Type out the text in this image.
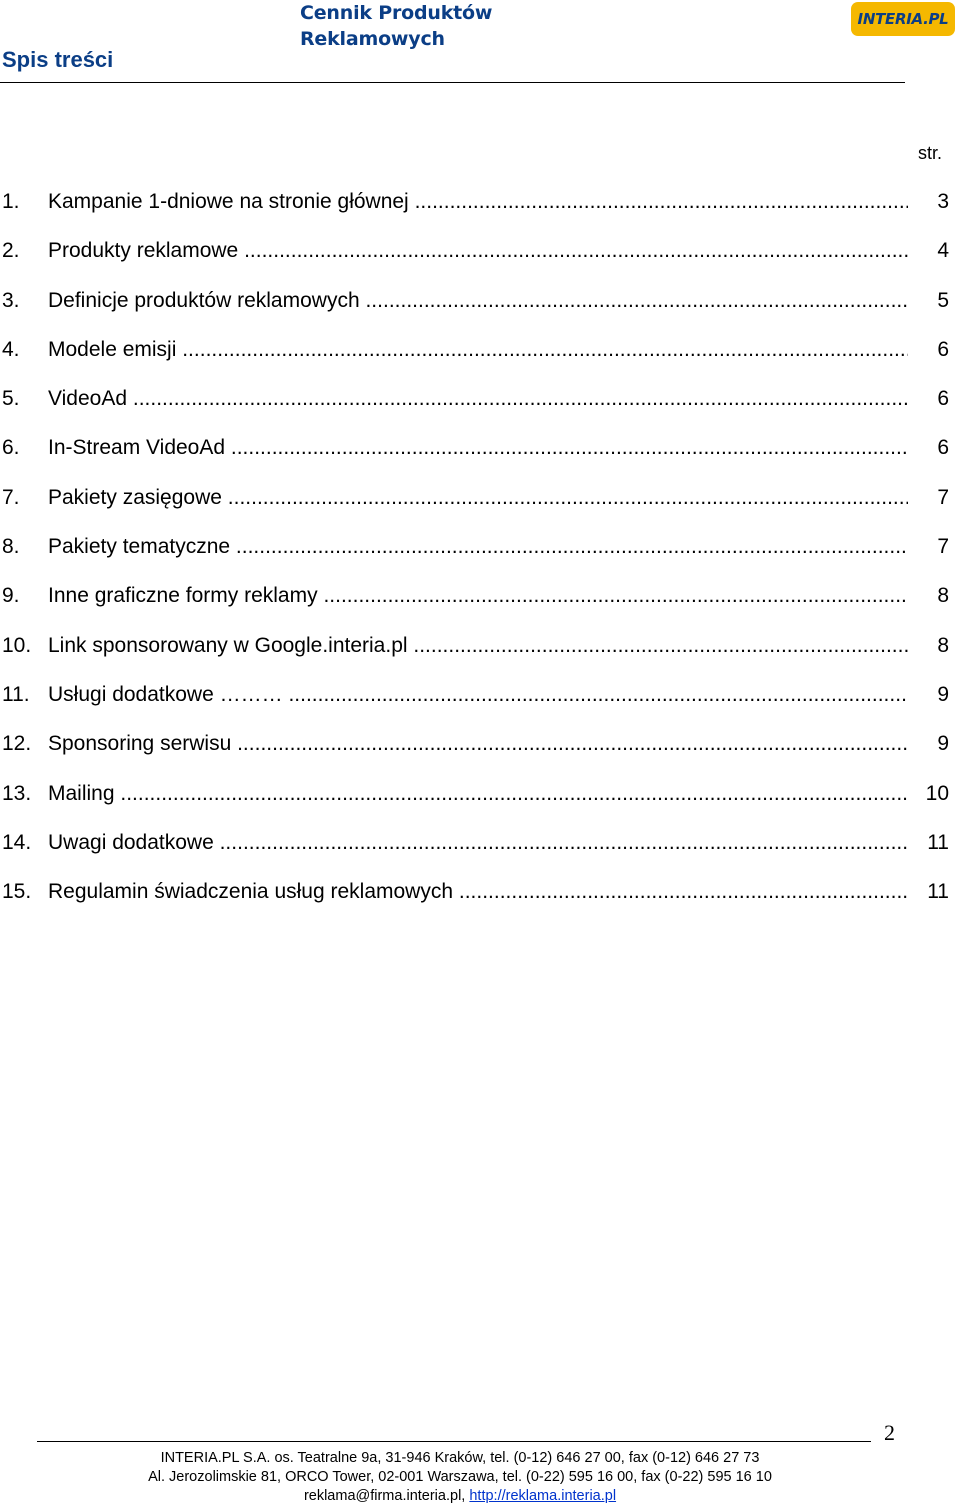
Cennik Produktów Reklamowych
INTERIA.PL
Spis treści
str.
1. Kampanie 1-dniowe na stronie głównej .....	3
2. Produkty reklamowe .....	4
3. Definicje produktów reklamowych .....	5
4. Modele emisji .....	6
5. VideoAd .....	6
6. In-Stream VideoAd .....	6
7. Pakiety zasięgowe .....	7
8. Pakiety tematyczne .....	7
9. Inne graficzne formy reklamy .....	8
10. Link sponsorowany w Google.interia.pl .....	8
11. Usługi dodatkowe ……… .....	9
12. Sponsoring serwisu .....	9
13. Mailing .....	10
14. Uwagi dodatkowe .....	11
15. Regulamin świadczenia usług reklamowych .....	11
2
INTERIA.PL S.A. os. Teatralne 9a, 31-946 Kraków, tel. (0-12) 646 27 00, fax (0-12) 646 27 73
Al. Jerozolimskie 81, ORCO Tower, 02-001 Warszawa, tel. (0-22) 595 16 00, fax (0-22) 595 16 10
reklama@firma.interia.pl, http://reklama.interia.pl
